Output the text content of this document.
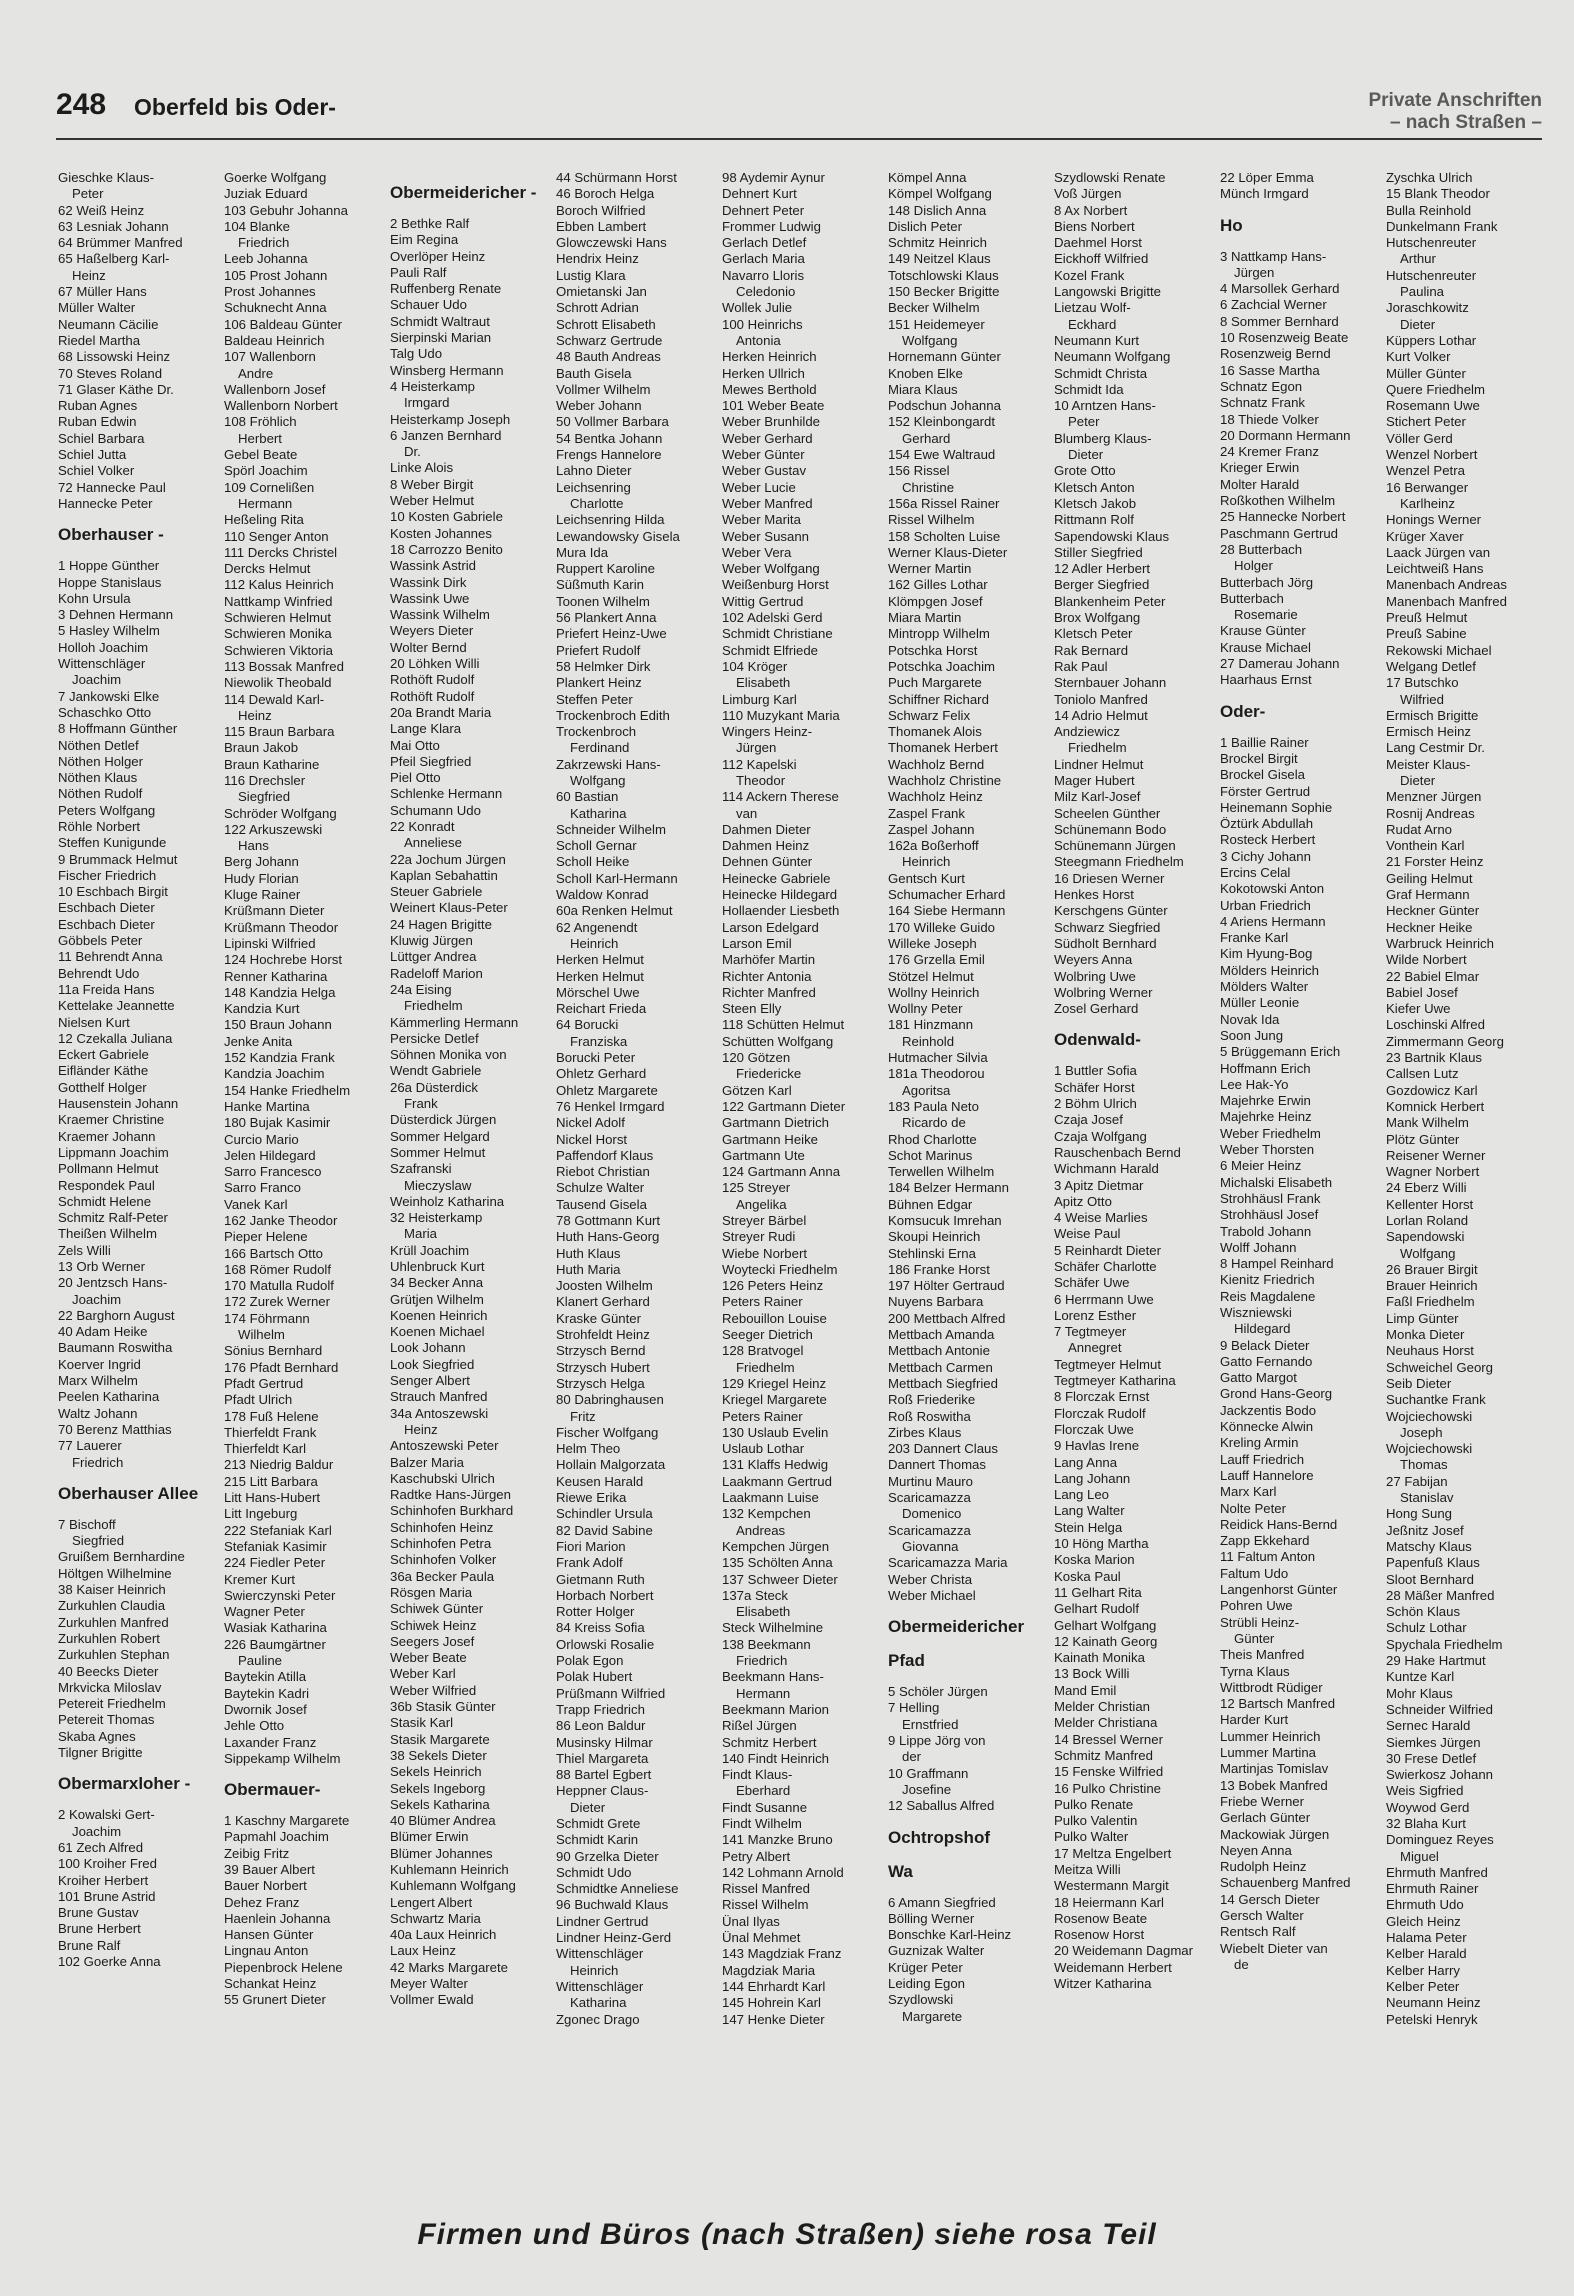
248 Oberfeld bis Oder-	Private Anschriften
– nach Straßen –
Gieschke Klaus-
Peter
62 Weiß Heinz
63 Lesniak Johann
64 Brümmer Manfred
65 Haßelberg Karl-
Heinz
67 Müller Hans
Müller Walter
Neumann Cäcilie
Riedel Martha
68 Lissowski Heinz
70 Steves Roland
71 Glaser Käthe Dr.
Ruban Agnes
Ruban Edwin
Schiel Barbara
Schiel Jutta
Schiel Volker
72 Hannecke Paul
Hannecke Peter
Oberhauser -
1 Hoppe Günther
Hoppe Stanislaus
Kohn Ursula
3 Dehnen Hermann
5 Hasley Wilhelm
Holloh Joachim
Wittenschläger
Joachim
7 Jankowski Elke
Schaschko Otto
8 Hoffmann Günther
Nöthen Detlef
Nöthen Holger
Nöthen Klaus
Nöthen Rudolf
Peters Wolfgang
Röhle Norbert
Steffen Kunigunde
9 Brummack Helmut
Fischer Friedrich
10 Eschbach Birgit
Eschbach Dieter
Eschbach Dieter
Göbbels Peter
11 Behrendt Anna
Behrendt Udo
11a Freida Hans
Kettelake Jeannette
Nielsen Kurt
12 Czekalla Juliana
Eckert Gabriele
Eifländer Käthe
Gotthelf Holger
Hausenstein Johann
Kraemer Christine
Kraemer Johann
Lippmann Joachim
Pollmann Helmut
Respondek Paul
Schmidt Helene
Schmitz Ralf-Peter
Theißen Wilhelm
Zels Willi
13 Orb Werner
20 Jentzsch Hans-
Joachim
22 Barghorn August
40 Adam Heike
Baumann Roswitha
Koerver Ingrid
Marx Wilhelm
Peelen Katharina
Waltz Johann
70 Berenz Matthias
77 Lauerer
Friedrich
Oberhauser Allee
7 Bischoff
Siegfried
Gruißem Bernhardine
Höltgen Wilhelmine
38 Kaiser Heinrich
Zurkuhlen Claudia
Zurkuhlen Manfred
Zurkuhlen Robert
Zurkuhlen Stephan
40 Beecks Dieter
Mrkvicka Miloslav
Petereit Friedhelm
Petereit Thomas
Skaba Agnes
Tilgner Brigitte
Obermarxloher -
2 Kowalski Gert-
Joachim
61 Zech Alfred
100 Kroiher Fred
Kroiher Herbert
101 Brune Astrid
Brune Gustav
Brune Herbert
Brune Ralf
102 Goerke Anna
Goerke Wolfgang
Juziak Eduard
103 Gebuhr Johanna
104 Blanke
Friedrich
Leeb Johanna
105 Prost Johann
Prost Johannes
Schuknecht Anna
106 Baldeau Günter
Baldeau Heinrich
107 Wallenborn
Andre
Wallenborn Josef
Wallenborn Norbert
108 Fröhlich
Herbert
Gebel Beate
Spörl Joachim
109 Cornelißen
Hermann
Heßeling Rita
110 Senger Anton
111 Dercks Christel
Dercks Helmut
112 Kalus Heinrich
Nattkamp Winfried
Schwieren Helmut
Schwieren Monika
Schwieren Viktoria
113 Bossak Manfred
Niewolik Theobald
114 Dewald Karl-
Heinz
115 Braun Barbara
Braun Jakob
Braun Katharine
116 Drechsler
Siegfried
Schröder Wolfgang
122 Arkuszewski
Hans
Berg Johann
Hudy Florian
Kluge Rainer
Krüßmann Dieter
Krüßmann Theodor
Lipinski Wilfried
124 Hochrebe Horst
Renner Katharina
148 Kandzia Helga
Kandzia Kurt
150 Braun Johann
Jenke Anita
152 Kandzia Frank
Kandzia Joachim
154 Hanke Friedhelm
Hanke Martina
180 Bujak Kasimir
Curcio Mario
Jelen Hildegard
Sarro Francesco
Sarro Franco
Vanek Karl
162 Janke Theodor
Pieper Helene
166 Bartsch Otto
168 Römer Rudolf
170 Matulla Rudolf
172 Zurek Werner
174 Föhrmann
Wilhelm
Sönius Bernhard
176 Pfadt Bernhard
Pfadt Gertrud
Pfadt Ulrich
178 Fuß Helene
Thierfeldt Frank
Thierfeldt Karl
213 Niedrig Baldur
215 Litt Barbara
Litt Hans-Hubert
Litt Ingeburg
222 Stefaniak Karl
Stefaniak Kasimir
224 Fiedler Peter
Kremer Kurt
Swierczynski Peter
Wagner Peter
Wasiak Katharina
226 Baumgärtner
Pauline
Baytekin Atilla
Baytekin Kadri
Dwornik Josef
Jehle Otto
Laxander Franz
Sippekamp Wilhelm
Obermauer-
1 Kaschny Margarete
Papmahl Joachim
Zeibig Fritz
39 Bauer Albert
Bauer Norbert
Dehez Franz
Haenlein Johanna
Hansen Günter
Lingnau Anton
Piepenbrock Helene
Schankat Heinz
55 Grunert Dieter
Obermeidericher -
2 Bethke Ralf
Eim Regina
Overlöper Heinz
Pauli Ralf
Ruffenberg Renate
Schauer Udo
Schmidt Waltraut
Sierpinski Marian
Talg Udo
Winsberg Hermann
4 Heisterkamp
Irmgard
Heisterkamp Joseph
6 Janzen Bernhard
Dr.
Linke Alois
8 Weber Birgit
Weber Helmut
10 Kosten Gabriele
Kosten Johannes
18 Carrozzo Benito
Wassink Astrid
Wassink Dirk
Wassink Uwe
Wassink Wilhelm
Weyers Dieter
Wolter Bernd
20 Löhken Willi
Rothöft Rudolf
Rothöft Rudolf
20a Brandt Maria
Lange Klara
Mai Otto
Pfeil Siegfried
Piel Otto
Schlenke Hermann
Schumann Udo
22 Konradt
Anneliese
22a Jochum Jürgen
Kaplan Sebahattin
Steuer Gabriele
Weinert Klaus-Peter
24 Hagen Brigitte
Kluwig Jürgen
Lüttger Andrea
Radeloff Marion
24a Eising
Friedhelm
Kämmerling Hermann
Persicke Detlef
Söhnen Monika von
Wendt Gabriele
26a Düsterdick
Frank
Düsterdick Jürgen
Sommer Helgard
Sommer Helmut
Szafranski
Mieczyslaw
Weinholz Katharina
32 Heisterkamp
Maria
Krüll Joachim
Uhlenbruck Kurt
34 Becker Anna
Grütjen Wilhelm
Koenen Heinrich
Koenen Michael
Look Johann
Look Siegfried
Senger Albert
Strauch Manfred
34a Antoszewski
Heinz
Antoszewski Peter
Balzer Maria
Kaschubski Ulrich
Radtke Hans-Jürgen
Schinhofen Burkhard
Schinhofen Heinz
Schinhofen Petra
Schinhofen Volker
36a Becker Paula
Rösgen Maria
Schiwek Günter
Schiwek Heinz
Seegers Josef
Weber Beate
Weber Karl
Weber Wilfried
36b Stasik Günter
Stasik Karl
Stasik Margarete
38 Sekels Dieter
Sekels Heinrich
Sekels Ingeborg
Sekels Katharina
40 Blümer Andrea
Blümer Erwin
Blümer Johannes
Kuhlemann Heinrich
Kuhlemann Wolfgang
Lengert Albert
Schwartz Maria
40a Laux Heinrich
Laux Heinz
42 Marks Margarete
Meyer Walter
Vollmer Ewald
44 Schürmann Horst
46 Boroch Helga
Boroch Wilfried
Ebben Lambert
Glowczewski Hans
Hendrix Heinz
Lustig Klara
Omietanski Jan
Schrott Adrian
Schrott Elisabeth
Schwarz Gertrude
48 Bauth Andreas
Bauth Gisela
Vollmer Wilhelm
Weber Johann
50 Vollmer Barbara
54 Bentka Johann
Frengs Hannelore
Lahno Dieter
Leichsenring
Charlotte
Leichsenring Hilda
Lewandowsky Gisela
Mura Ida
Ruppert Karoline
Süßmuth Karin
Toonen Wilhelm
56 Plankert Anna
Priefert Heinz-Uwe
Priefert Rudolf
58 Helmker Dirk
Plankert Heinz
Steffen Peter
Trockenbroch Edith
Trockenbroch
Ferdinand
Zakrzewski Hans-
Wolfgang
60 Bastian
Katharina
Schneider Wilhelm
Scholl Gernar
Scholl Heike
Scholl Karl-Hermann
Waldow Konrad
60a Renken Helmut
62 Angenendt
Heinrich
Herken Helmut
Herken Helmut
Mörschel Uwe
Reichart Frieda
64 Borucki
Franziska
Borucki Peter
Ohletz Gerhard
Ohletz Margarete
76 Henkel Irmgard
Nickel Adolf
Nickel Horst
Paffendorf Klaus
Riebot Christian
Schulze Walter
Tausend Gisela
78 Gottmann Kurt
Huth Hans-Georg
Huth Klaus
Huth Maria
Joosten Wilhelm
Klanert Gerhard
Kraske Günter
Strohfeldt Heinz
Strzysch Bernd
Strzysch Hubert
Strzysch Helga
80 Dabringhausen
Fritz
Fischer Wolfgang
Helm Theo
Hollain Malgorzata
Keusen Harald
Riewe Erika
Schindler Ursula
82 David Sabine
Fiori Marion
Frank Adolf
Gietmann Ruth
Horbach Norbert
Rotter Holger
84 Kreiss Sofia
Orlowski Rosalie
Polak Egon
Polak Hubert
Prüßmann Wilfried
Trapp Friedrich
86 Leon Baldur
Musinsky Hilmar
Thiel Margareta
88 Bartel Egbert
Heppner Claus-
Dieter
Schmidt Grete
Schmidt Karin
90 Grzelka Dieter
Schmidt Udo
Schmidtke Anneliese
96 Buchwald Klaus
Lindner Gertrud
Lindner Heinz-Gerd
Wittenschläger
Heinrich
Wittenschläger
Katharina
Zgonec Drago
98 Aydemir Aynur
Dehnert Kurt
Dehnert Peter
Frommer Ludwig
Gerlach Detlef
Gerlach Maria
Navarro Lloris
Celedonio
Wollek Julie
100 Heinrichs
Antonia
Herken Heinrich
Herken Ullrich
Mewes Berthold
101 Weber Beate
Weber Brunhilde
Weber Gerhard
Weber Günter
Weber Gustav
Weber Lucie
Weber Manfred
Weber Marita
Weber Susann
Weber Vera
Weber Wolfgang
Weißenburg Horst
Wittig Gertrud
102 Adelski Gerd
Schmidt Christiane
Schmidt Elfriede
104 Kröger
Elisabeth
Limburg Karl
110 Muzykant Maria
Wingers Heinz-
Jürgen
112 Kapelski
Theodor
114 Ackern Therese
van
Dahmen Dieter
Dahmen Heinz
Dehnen Günter
Heinecke Gabriele
Heinecke Hildegard
Hollaender Liesbeth
Larson Edelgard
Larson Emil
Marhöfer Martin
Richter Antonia
Richter Manfred
Steen Elly
118 Schütten Helmut
Schütten Wolfgang
120 Götzen
Friedericke
Götzen Karl
122 Gartmann Dieter
Gartmann Dietrich
Gartmann Heike
Gartmann Ute
124 Gartmann Anna
125 Streyer
Angelika
Streyer Bärbel
Streyer Rudi
Wiebe Norbert
Woytecki Friedhelm
126 Peters Heinz
Peters Rainer
Rebouillon Louise
Seeger Dietrich
128 Bratvogel
Friedhelm
129 Kriegel Heinz
Kriegel Margarete
Peters Rainer
130 Uslaub Evelin
Uslaub Lothar
131 Klaffs Hedwig
Laakmann Gertrud
Laakmann Luise
132 Kempchen
Andreas
Kempchen Jürgen
135 Schölten Anna
137 Schweer Dieter
137a Steck
Elisabeth
Steck Wilhelmine
138 Beekmann
Friedrich
Beekmann Hans-
Hermann
Beekmann Marion
Rißel Jürgen
Schmitz Herbert
140 Findt Heinrich
Findt Klaus-
Eberhard
Findt Susanne
Findt Wilhelm
141 Manzke Bruno
Petry Albert
142 Lohmann Arnold
Rissel Manfred
Rissel Wilhelm
Ünal Ilyas
Ünal Mehmet
143 Magdziak Franz
Magdziak Maria
144 Ehrhardt Karl
145 Hohrein Karl
147 Henke Dieter
Kömpel Anna
Kömpel Wolfgang
148 Dislich Anna
Dislich Peter
Schmitz Heinrich
149 Neitzel Klaus
Totschlowski Klaus
150 Becker Brigitte
Becker Wilhelm
151 Heidemeyer
Wolfgang
Hornemann Günter
Knoben Elke
Miara Klaus
Podschun Johanna
152 Kleinbongardt
Gerhard
154 Ewe Waltraud
156 Rissel
Christine
156a Rissel Rainer
Rissel Wilhelm
158 Scholten Luise
Werner Klaus-Dieter
Werner Martin
162 Gilles Lothar
Klömpgen Josef
Miara Martin
Mintropp Wilhelm
Potschka Horst
Potschka Joachim
Puch Margarete
Schiffner Richard
Schwarz Felix
Thomanek Alois
Thomanek Herbert
Wachholz Bernd
Wachholz Christine
Wachholz Heinz
Zaspel Frank
Zaspel Johann
162a Boßerhoff
Heinrich
Gentsch Kurt
Schumacher Erhard
164 Siebe Hermann
170 Willeke Guido
Willeke Joseph
176 Grzella Emil
Stötzel Helmut
Wollny Heinrich
Wollny Peter
181 Hinzmann
Reinhold
Hutmacher Silvia
181a Theodorou
Agoritsa
183 Paula Neto
Ricardo de
Rhod Charlotte
Schot Marinus
Terwellen Wilhelm
184 Belzer Hermann
Bühnen Edgar
Komsucuk Imrehan
Skoupi Heinrich
Stehlinski Erna
186 Franke Horst
197 Hölter Gertraud
Nuyens Barbara
200 Mettbach Alfred
Mettbach Amanda
Mettbach Antonie
Mettbach Carmen
Mettbach Siegfried
Roß Friederike
Roß Roswitha
Zirbes Klaus
203 Dannert Claus
Dannert Thomas
Murtinu Mauro
Scaricamazza
Domenico
Scaricamazza
Giovanna
Scaricamazza Maria
Weber Christa
Weber Michael
Obermeidericher
Pfad
5 Schöler Jürgen
7 Helling
Ernstfried
9 Lippe Jörg von
der
10 Graffmann
Josefine
12 Saballus Alfred
Ochtropshof
Wa
6 Amann Siegfried
Bölling Werner
Bonschke Karl-Heinz
Guznizak Walter
Krüger Peter
Leiding Egon
Szydlowski
Margarete
Szydlowski Renate
Voß Jürgen
8 Ax Norbert
Biens Norbert
Daehmel Horst
Eickhoff Wilfried
Kozel Frank
Langowski Brigitte
Lietzau Wolf-
Eckhard
Neumann Kurt
Neumann Wolfgang
Schmidt Christa
Schmidt Ida
10 Arntzen Hans-
Peter
Blumberg Klaus-
Dieter
Grote Otto
Kletsch Anton
Kletsch Jakob
Rittmann Rolf
Sapendowski Klaus
Stiller Siegfried
12 Adler Herbert
Berger Siegfried
Blankenheim Peter
Brox Wolfgang
Kletsch Peter
Rak Bernard
Rak Paul
Sternbauer Johann
Toniolo Manfred
14 Adrio Helmut
Andziewicz
Friedhelm
Lindner Helmut
Mager Hubert
Milz Karl-Josef
Scheelen Günther
Schünemann Bodo
Schünemann Jürgen
Steegmann Friedhelm
16 Driesen Werner
Henkes Horst
Kerschgens Günter
Schwarz Siegfried
Südholt Bernhard
Weyers Anna
Wolbring Uwe
Wolbring Werner
Zosel Gerhard
Odenwald-
1 Buttler Sofia
Schäfer Horst
2 Böhm Ulrich
Czaja Josef
Czaja Wolfgang
Rauschenbach Bernd
Wichmann Harald
3 Apitz Dietmar
Apitz Otto
4 Weise Marlies
Weise Paul
5 Reinhardt Dieter
Schäfer Charlotte
Schäfer Uwe
6 Herrmann Uwe
Lorenz Esther
7 Tegtmeyer
Annegret
Tegtmeyer Helmut
Tegtmeyer Katharina
8 Florczak Ernst
Florczak Rudolf
Florczak Uwe
9 Havlas Irene
Lang Anna
Lang Johann
Lang Leo
Lang Walter
Stein Helga
10 Höng Martha
Koska Marion
Koska Paul
11 Gelhart Rita
Gelhart Rudolf
Gelhart Wolfgang
12 Kainath Georg
Kainath Monika
13 Bock Willi
Mand Emil
Melder Christian
Melder Christiana
14 Bressel Werner
Schmitz Manfred
15 Fenske Wilfried
16 Pulko Christine
Pulko Renate
Pulko Valentin
Pulko Walter
17 Meltza Engelbert
Meitza Willi
Westermann Margit
18 Heiermann Karl
Rosenow Beate
Rosenow Horst
20 Weidemann Dagmar
Weidemann Herbert
Witzer Katharina
22 Löper Emma
Münch Irmgard
Ho
3 Nattkamp Hans-
Jürgen
4 Marsollek Gerhard
6 Zachcial Werner
8 Sommer Bernhard
10 Rosenzweig Beate
Rosenzweig Bernd
16 Sasse Martha
Schnatz Egon
Schnatz Frank
18 Thiede Volker
20 Dormann Hermann
24 Kremer Franz
Krieger Erwin
Molter Harald
Roßkothen Wilhelm
25 Hannecke Norbert
Paschmann Gertrud
28 Butterbach
Holger
Butterbach Jörg
Butterbach
Rosemarie
Krause Günter
Krause Michael
27 Damerau Johann
Haarhaus Ernst
Oder-
1 Baillie Rainer
Brockel Birgit
Brockel Gisela
Förster Gertrud
Heinemann Sophie
Öztürk Abdullah
Rosteck Herbert
3 Cichy Johann
Ercins Celal
Kokotowski Anton
Urban Friedrich
4 Ariens Hermann
Franke Karl
Kim Hyung-Bog
Mölders Heinrich
Mölders Walter
Müller Leonie
Novak Ida
Soon Jung
5 Brüggemann Erich
Hoffmann Erich
Lee Hak-Yo
Majehrke Erwin
Majehrke Heinz
Weber Friedhelm
Weber Thorsten
6 Meier Heinz
Michalski Elisabeth
Strohhäusl Frank
Strohhäusl Josef
Trabold Johann
Wolff Johann
8 Hampel Reinhard
Kienitz Friedrich
Reis Magdalene
Wiszniewski
Hildegard
9 Belack Dieter
Gatto Fernando
Gatto Margot
Grond Hans-Georg
Jackzentis Bodo
Könnecke Alwin
Kreling Armin
Lauff Friedrich
Lauff Hannelore
Marx Karl
Nolte Peter
Reidick Hans-Bernd
Zapp Ekkehard
11 Faltum Anton
Faltum Udo
Langenhorst Günter
Pohren Uwe
Strübli Heinz-
Günter
Theis Manfred
Tyrna Klaus
Wittbrodt Rüdiger
12 Bartsch Manfred
Harder Kurt
Lummer Heinrich
Lummer Martina
Martinjas Tomislav
13 Bobek Manfred
Friebe Werner
Gerlach Günter
Mackowiak Jürgen
Neyen Anna
Rudolph Heinz
Schauenberg Manfred
14 Gersch Dieter
Gersch Walter
Rentsch Ralf
Wiebelt Dieter van
de
Zyschka Ulrich
15 Blank Theodor
Bulla Reinhold
Dunkelmann Frank
Hutschenreuter
Arthur
Hutschenreuter
Paulina
Joraschkowitz
Dieter
Küppers Lothar
Kurt Volker
Müller Günter
Quere Friedhelm
Rosemann Uwe
Stichert Peter
Völler Gerd
Wenzel Norbert
Wenzel Petra
16 Berwanger
Karlheinz
Honings Werner
Krüger Xaver
Laack Jürgen van
Leichtweiß Hans
Manenbach Andreas
Manenbach Manfred
Preuß Helmut
Preuß Sabine
Rekowski Michael
Welgang Detlef
17 Butschko
Wilfried
Ermisch Brigitte
Ermisch Heinz
Lang Cestmir Dr.
Meister Klaus-
Dieter
Menzner Jürgen
Rosnij Andreas
Rudat Arno
Vonthein Karl
21 Forster Heinz
Geiling Helmut
Graf Hermann
Heckner Günter
Heckner Heike
Warbruck Heinrich
Wilde Norbert
22 Babiel Elmar
Babiel Josef
Kiefer Uwe
Loschinski Alfred
Zimmermann Georg
23 Bartnik Klaus
Callsen Lutz
Gozdowicz Karl
Komnick Herbert
Mank Wilhelm
Plötz Günter
Reisener Werner
Wagner Norbert
24 Eberz Willi
Kellenter Horst
Lorlan Roland
Sapendowski
Wolfgang
26 Brauer Birgit
Brauer Heinrich
Faßl Friedhelm
Limp Günter
Monka Dieter
Neuhaus Horst
Schweichel Georg
Seib Dieter
Suchantke Frank
Wojciechowski
Joseph
Wojciechowski
Thomas
27 Fabijan
Stanislav
Hong Sung
Jeßnitz Josef
Matschy Klaus
Papenfuß Klaus
Sloot Bernhard
28 Mäßer Manfred
Schön Klaus
Schulz Lothar
Spychala Friedhelm
29 Hake Hartmut
Kuntze Karl
Mohr Klaus
Schneider Wilfried
Sernec Harald
Siemkes Jürgen
30 Frese Detlef
Swierkosz Johann
Weis Sigfried
Woywod Gerd
32 Blaha Kurt
Dominguez Reyes
Miguel
Ehrmuth Manfred
Ehrmuth Rainer
Ehrmuth Udo
Gleich Heinz
Halama Peter
Kelber Harald
Kelber Harry
Kelber Peter
Neumann Heinz
Petelski Henryk
Firmen und Büros (nach Straßen) siehe rosa Teil
